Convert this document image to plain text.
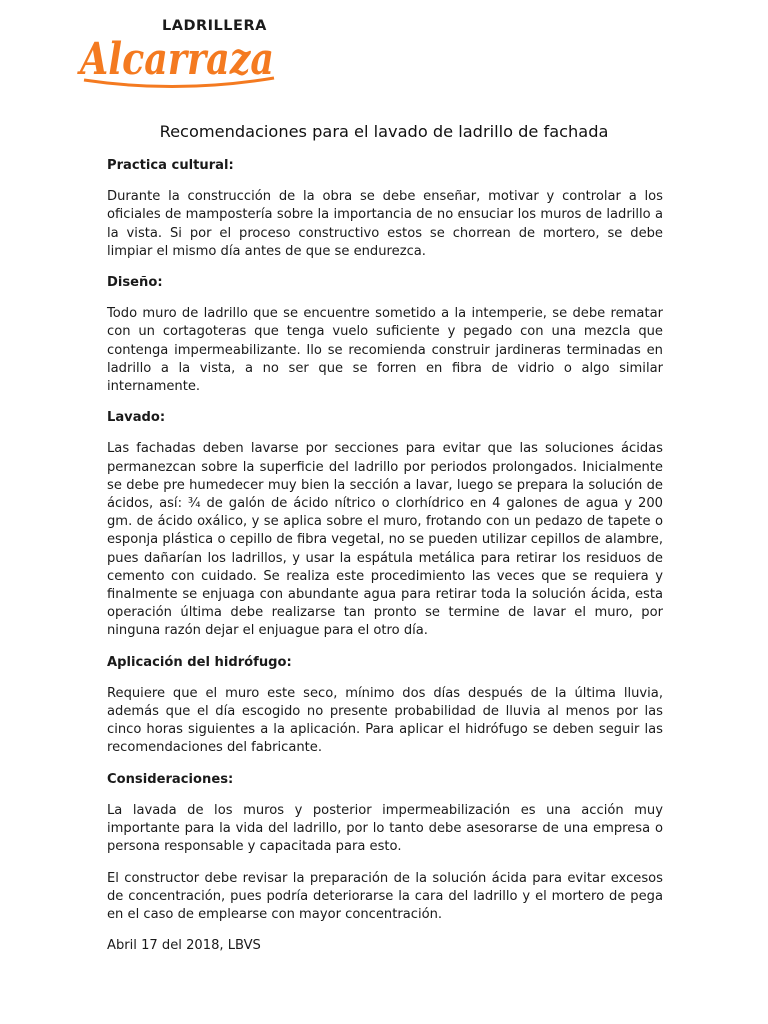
Alcarraza
LADRILLERA
Recomendaciones para el lavado de ladrillo de fachada
Practica cultural:

Durante la construcción de la obra se debe enseñar, motivar y controlar a los oficiales de mampostería sobre la importancia de no ensuciar los muros de ladrillo a la vista. Si por el proceso constructivo estos se chorrean de mortero, se debe limpiar el mismo día antes de que se endurezca.

Diseño:

Todo muro de ladrillo que se encuentre sometido a la intemperie, se debe rematar con un cortagoteras que tenga vuelo suficiente y pegado con una mezcla que contenga impermeabilizante. Ilo se recomienda construir jardineras terminadas en ladrillo a la vista, a no ser que se forren en fibra de vidrio o algo similar internamente.

Lavado:

Las fachadas deben lavarse por secciones para evitar que las soluciones ácidas permanezcan sobre la superficie del ladrillo por periodos prolongados. Inicialmente se debe pre humedecer muy bien la sección a lavar, luego se prepara la solución de ácidos, así: ¾ de galón de ácido nítrico o clorhídrico en 4 galones de agua y 200 gm. de ácido oxálico, y se aplica sobre el muro, frotando con un pedazo de tapete o esponja plástica o cepillo de fibra vegetal, no se pueden utilizar cepillos de alambre, pues dañarían los ladrillos, y usar la espátula metálica para retirar los residuos de cemento con cuidado. Se realiza este procedimiento las veces que se requiera y finalmente se enjuaga con abundante agua para retirar toda la solución ácida, esta operación última debe realizarse tan pronto se termine de lavar el muro, por ninguna razón dejar el enjuague para el otro día.

Aplicación del hidrófugo:

Requiere que el muro este seco, mínimo dos días después de la última lluvia, además que el día escogido no presente probabilidad de lluvia al menos por las cinco horas siguientes a la aplicación. Para aplicar el hidrófugo se deben seguir las recomendaciones del fabricante.

Consideraciones:

La lavada de los muros y posterior impermeabilización es una acción muy importante para la vida del ladrillo, por lo tanto debe asesorarse de una empresa o persona responsable y capacitada para esto.

El constructor debe revisar la preparación de la solución ácida para evitar excesos de concentración, pues podría deteriorarse la cara del ladrillo y el mortero de pega en el caso de emplearse con mayor concentración.

Abril 17 del 2018, LBVS
